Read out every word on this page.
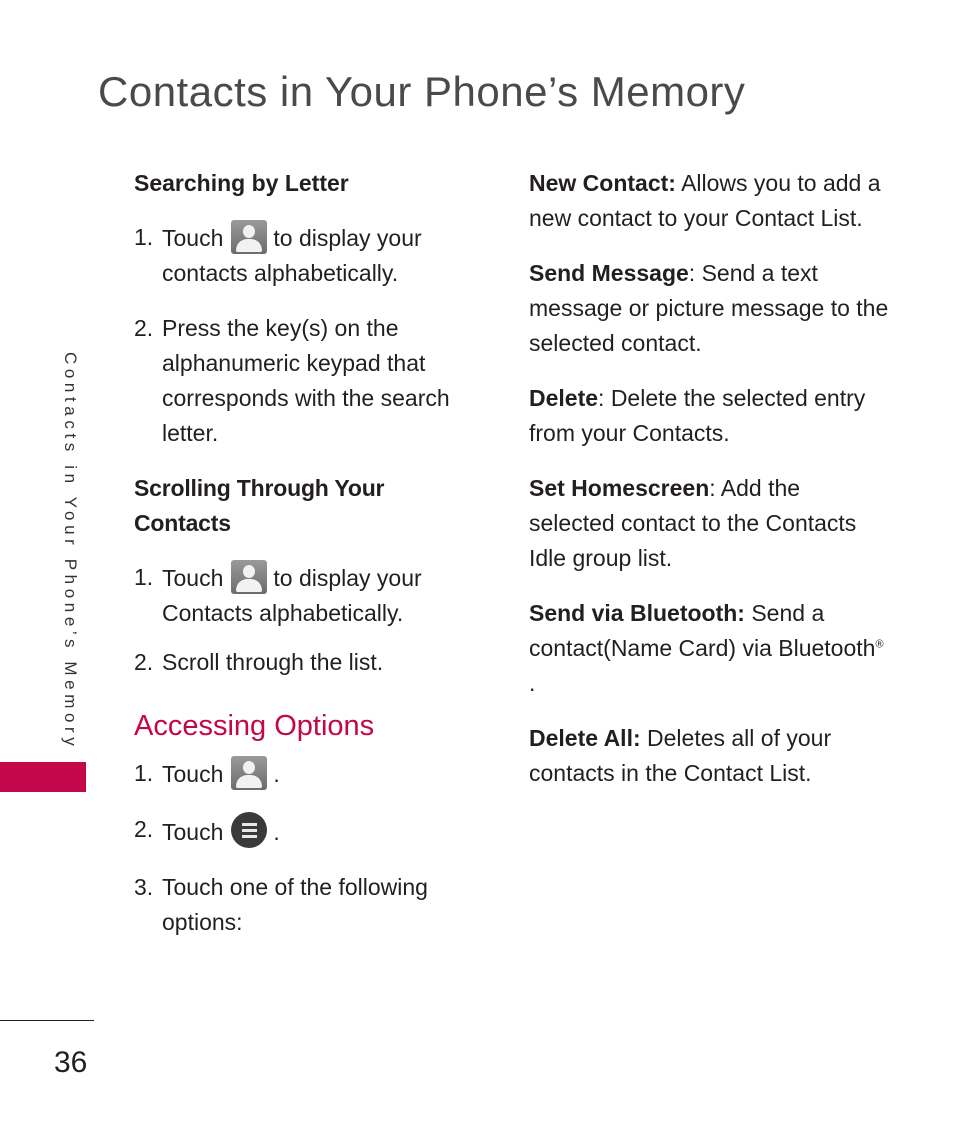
Contacts in Your Phone’s Memory
Contacts in Your Phone’s Memory
Searching by Letter
1. Touch to display your contacts alphabetically.
2. Press the key(s) on the alphanumeric keypad that corresponds with the search letter.
Scrolling Through Your Contacts
1. Touch to display your Contacts alphabetically.
2. Scroll through the list.
Accessing Options
1. Touch .
2. Touch .
3. Touch one of the following options:
New Contact: Allows you to add a new contact to your Contact List.
Send Message: Send a text message or picture message to the selected contact.
Delete: Delete the selected entry from your Contacts.
Set Homescreen: Add the selected contact to the Contacts Idle group list.
Send via Bluetooth: Send a contact(Name Card) via Bluetooth® .
Delete All: Deletes all of your contacts in the Contact List.
36
